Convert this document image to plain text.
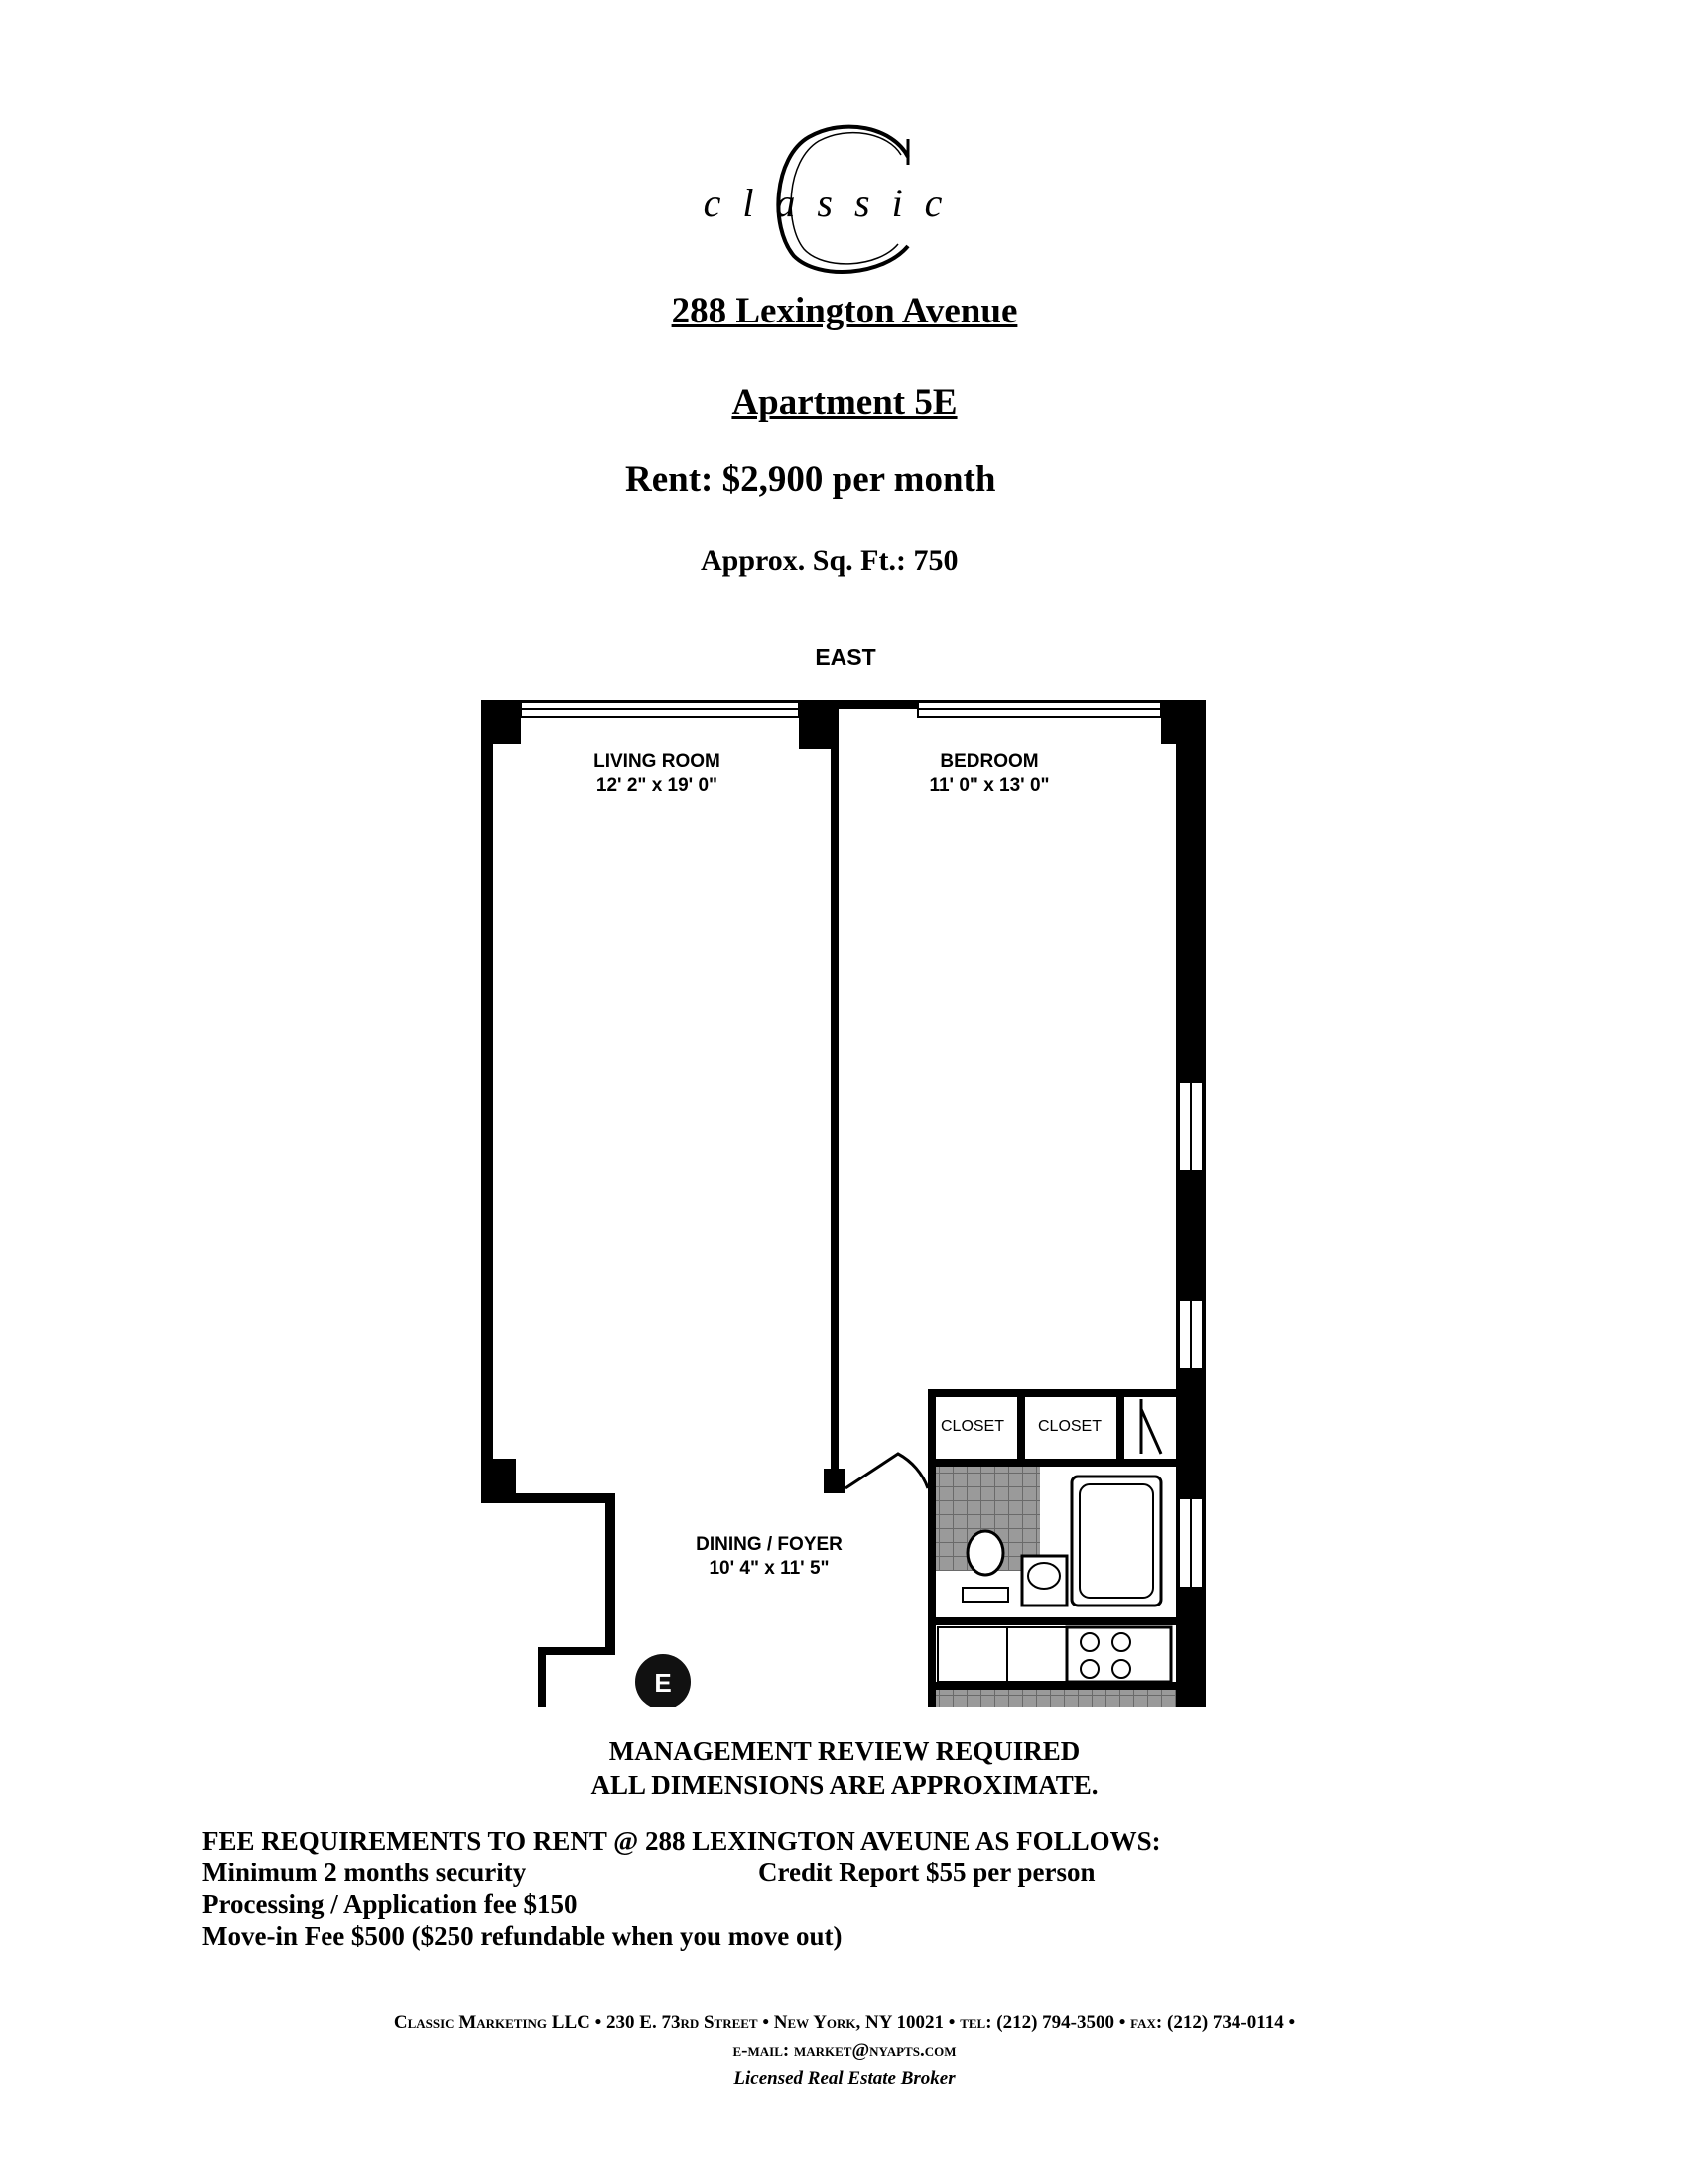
classic
288 Lexington Avenue
Apartment 5E
Rent: $2,900 per month
Approx. Sq. Ft.: 750
EAST
LIVING ROOM
12' 2" x 19' 0"
BEDROOM
11' 0" x 13' 0"
DINING / FOYER
10' 4" x 11' 5"
CLOSET CLOSET
E
MANAGEMENT REVIEW REQUIRED
ALL DIMENSIONS ARE APPROXIMATE.
FEE REQUIREMENTS TO RENT @ 288 LEXINGTON AVEUNE AS FOLLOWS:
Minimum 2 months security	Credit Report $55 per person
Processing / Application fee $150
Move-in Fee $500 ($250 refundable when you move out)
Classic Marketing LLC • 230 E. 73rd Street • New York, NY 10021 • tel: (212) 794-3500 • fax: (212) 734-0114 •
e-mail: market@nyapts.com
Licensed Real Estate Broker
